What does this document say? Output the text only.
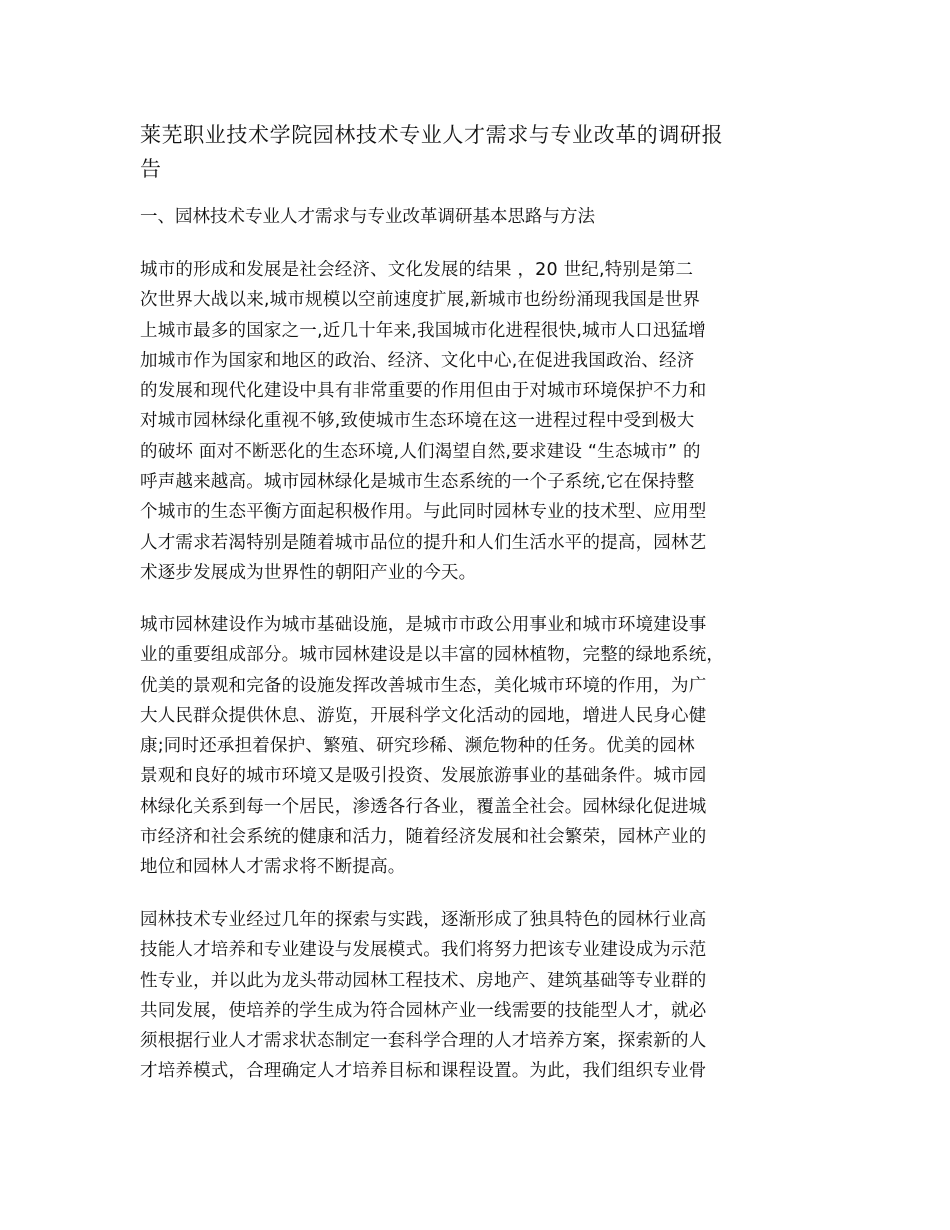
莱芜职业技术学院园林技术专业人才需求与专业改革的调研报
告
一、园林技术专业人才需求与专业改革调研基本思路与方法

城市的形成和发展是社会经济、文化发展的结果 ，20 世纪,特别是第二
次世界大战以来,城市规模以空前速度扩展,新城市也纷纷涌现我国是世界
上城市最多的国家之一,近几十年来,我国城市化进程很快,城市人口迅猛增
加城市作为国家和地区的政治、经济、文化中心,在促进我国政治、经济
的发展和现代化建设中具有非常重要的作用但由于对城市环境保护不力和
对城市园林绿化重视不够,致使城市生态环境在这一进程过程中受到极大
的破坏 面对不断恶化的生态环境,人们渴望自然,要求建设 “生态城市” 的
呼声越来越高。城市园林绿化是城市生态系统的一个子系统,它在保持整
个城市的生态平衡方面起积极作用。与此同时园林专业的技术型、应用型
人才需求若渴特别是随着城市品位的提升和人们生活水平的提高，园林艺
术逐步发展成为世界性的朝阳产业的今天。

城市园林建设作为城市基础设施，是城市市政公用事业和城市环境建设事
业的重要组成部分。城市园林建设是以丰富的园林植物，完整的绿地系统，
优美的景观和完备的设施发挥改善城市生态，美化城市环境的作用，为广
大人民群众提供休息、游览，开展科学文化活动的园地，增进人民身心健
康;同时还承担着保护、繁殖、研究珍稀、濒危物种的任务。优美的园林
景观和良好的城市环境又是吸引投资、发展旅游事业的基础条件。城市园
林绿化关系到每一个居民，渗透各行各业，覆盖全社会。园林绿化促进城
市经济和社会系统的健康和活力，随着经济发展和社会繁荣，园林产业的
地位和园林人才需求将不断提高。

园林技术专业经过几年的探索与实践，逐渐形成了独具特色的园林行业高
技能人才培养和专业建设与发展模式。我们将努力把该专业建设成为示范
性专业，并以此为龙头带动园林工程技术、房地产、建筑基础等专业群的
共同发展，使培养的学生成为符合园林产业一线需要的技能型人才，就必
须根据行业人才需求状态制定一套科学合理的人才培养方案，探索新的人
才培养模式，合理确定人才培养目标和课程设置。为此，我们组织专业骨
